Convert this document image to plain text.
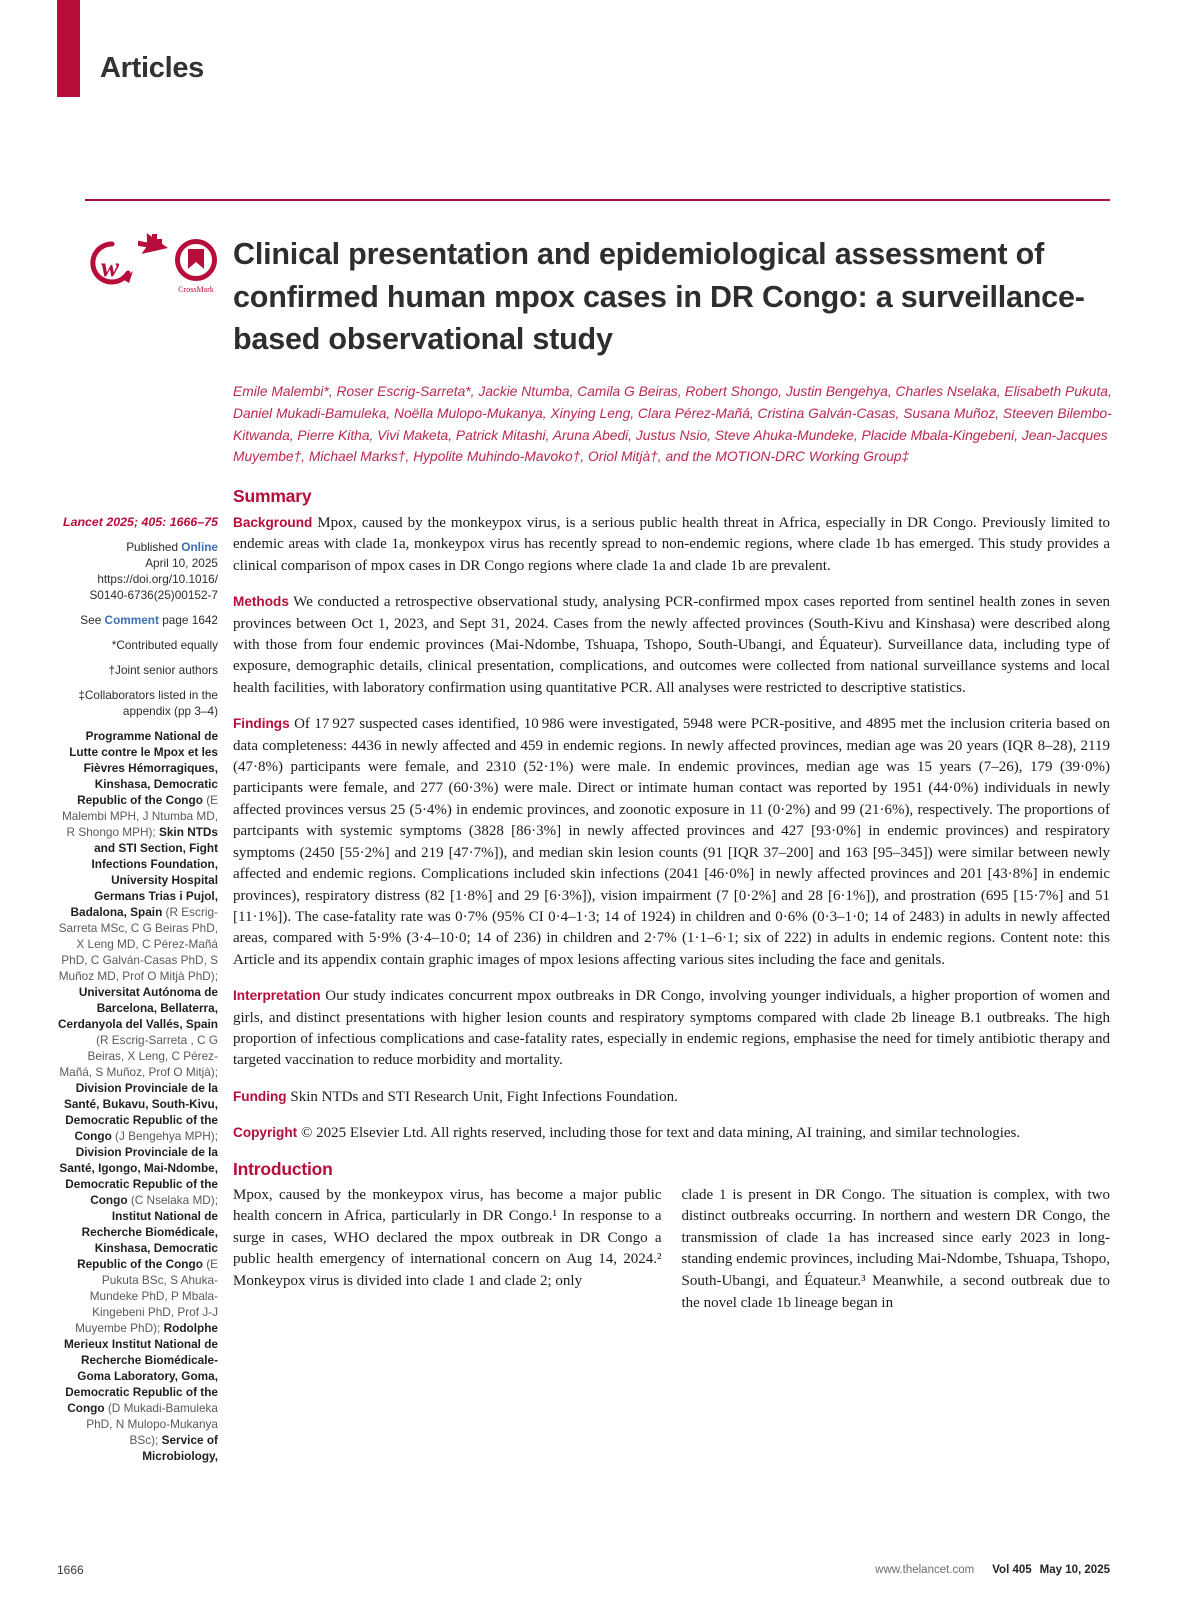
Articles
w
CrossMark
Clinical presentation and epidemiological assessment of confirmed human mpox cases in DR Congo: a surveillance-based observational study

Emile Malembi*, Roser Escrig-Sarreta*, Jackie Ntumba, Camila G Beiras, Robert Shongo, Justin Bengehya, Charles Nselaka, Elisabeth Pukuta, Daniel Mukadi-Bamuleka, Noëlla Mulopo-Mukanya, Xinying Leng, Clara Pérez-Mañá, Cristina Galván-Casas, Susana Muñoz, Steeven Bilembo-Kitwanda, Pierre Kitha, Vivi Maketa, Patrick Mitashi, Aruna Abedi, Justus Nsio, Steve Ahuka-Mundeke, Placide Mbala-Kingebeni, Jean-Jacques Muyembe†, Michael Marks†, Hypolite Muhindo-Mavoko†, Oriol Mitjà†, and the MOTION-DRC Working Group‡

Lancet 2025; 405: 1666–75
Published Online
April 10, 2025
https://doi.org/10.1016/
S0140-6736(25)00152-7
See Comment page 1642
*Contributed equally
†Joint senior authors
‡Collaborators listed in the appendix (pp 3–4)
Programme National de Lutte contre le Mpox et les Fièvres Hémorragiques, Kinshasa, Democratic Republic of the Congo (E Malembi MPH, J Ntumba MD, R Shongo MPH); Skin NTDs and STI Section, Fight Infections Foundation, University Hospital Germans Trias i Pujol, Badalona, Spain (R Escrig-Sarreta MSc, C G Beiras PhD, X Leng MD, C Pérez-Mañá PhD, C Galván-Casas PhD, S Muñoz MD, Prof O Mitjà PhD); Universitat Autónoma de Barcelona, Bellaterra, Cerdanyola del Vallés, Spain (R Escrig-Sarreta , C G Beiras, X Leng, C Pérez-Mañá, S Muñoz, Prof O Mitjà); Division Provinciale de la Santé, Bukavu, South-Kivu, Democratic Republic of the Congo (J Bengehya MPH); Division Provinciale de la Santé, Igongo, Mai-Ndombe, Democratic Republic of the Congo (C Nselaka MD); Institut National de Recherche Biomédicale, Kinshasa, Democratic Republic of the Congo (E Pukuta BSc, S Ahuka-Mundeke PhD, P Mbala-Kingebeni PhD, Prof J-J Muyembe PhD); Rodolphe Merieux Institut National de Recherche Biomédicale-Goma Laboratory, Goma, Democratic Republic of the Congo (D Mukadi-Bamuleka PhD, N Mulopo-Mukanya BSc); Service of Microbiology,
Summary

Background Mpox, caused by the monkeypox virus, is a serious public health threat in Africa, especially in DR Congo. Previously limited to endemic areas with clade 1a, monkeypox virus has recently spread to non-endemic regions, where clade 1b has emerged. This study provides a clinical comparison of mpox cases in DR Congo regions where clade 1a and clade 1b are prevalent.

Methods We conducted a retrospective observational study, analysing PCR-confirmed mpox cases reported from sentinel health zones in seven provinces between Oct 1, 2023, and Sept 31, 2024. Cases from the newly affected provinces (South-Kivu and Kinshasa) were described along with those from four endemic provinces (Mai-Ndombe, Tshuapa, Tshopo, South-Ubangi, and Équateur). Surveillance data, including type of exposure, demographic details, clinical presentation, complications, and outcomes were collected from national surveillance systems and local health facilities, with laboratory confirmation using quantitative PCR. All analyses were restricted to descriptive statistics.

Findings Of 17 927 suspected cases identified, 10 986 were investigated, 5948 were PCR-positive, and 4895 met the inclusion criteria based on data completeness: 4436 in newly affected and 459 in endemic regions. In newly affected provinces, median age was 20 years (IQR 8–28), 2119 (47·8%) participants were female, and 2310 (52·1%) were male. In endemic provinces, median age was 15 years (7–26), 179 (39·0%) participants were female, and 277 (60·3%) were male. Direct or intimate human contact was reported by 1951 (44·0%) individuals in newly affected provinces versus 25 (5·4%) in endemic provinces, and zoonotic exposure in 11 (0·2%) and 99 (21·6%), respectively. The proportions of partcipants with systemic symptoms (3828 [86·3%] in newly affected provinces and 427 [93·0%] in endemic provinces) and respiratory symptoms (2450 [55·2%] and 219 [47·7%]), and median skin lesion counts (91 [IQR 37–200] and 163 [95–345]) were similar between newly affected and endemic regions. Complications included skin infections (2041 [46·0%] in newly affected provinces and 201 [43·8%] in endemic provinces), respiratory distress (82 [1·8%] and 29 [6·3%]), vision impairment (7 [0·2%] and 28 [6·1%]), and prostration (695 [15·7%] and 51 [11·1%]). The case-fatality rate was 0·7% (95% CI 0·4–1·3; 14 of 1924) in children and 0·6% (0·3–1·0; 14 of 2483) in adults in newly affected areas, compared with 5·9% (3·4–10·0; 14 of 236) in children and 2·7% (1·1–6·1; six of 222) in adults in endemic regions. Content note: this Article and its appendix contain graphic images of mpox lesions affecting various sites including the face and genitals.

Interpretation Our study indicates concurrent mpox outbreaks in DR Congo, involving younger individuals, a higher proportion of women and girls, and distinct presentations with higher lesion counts and respiratory symptoms compared with clade 2b lineage B.1 outbreaks. The high proportion of infectious complications and case-fatality rates, especially in endemic regions, emphasise the need for timely antibiotic therapy and targeted vaccination to reduce morbidity and mortality.

Funding Skin NTDs and STI Research Unit, Fight Infections Foundation.

Copyright © 2025 Elsevier Ltd. All rights reserved, including those for text and data mining, AI training, and similar technologies.

Introduction
Mpox, caused by the monkeypox virus, has become a major public health concern in Africa, particularly in DR Congo.¹ In response to a surge in cases, WHO declared the mpox outbreak in DR Congo a public health emergency of international concern on Aug 14, 2024.² Monkeypox virus is divided into clade 1 and clade 2; only
clade 1 is present in DR Congo. The situation is complex, with two distinct outbreaks occurring. In northern and western DR Congo, the transmission of clade 1a has increased since early 2023 in long-standing endemic provinces, including Mai-Ndombe, Tshuapa, Tshopo, South-Ubangi, and Équateur.³ Meanwhile, a second outbreak due to the novel clade 1b lineage began in
1666	www.thelancet.com Vol 405 May 10, 2025
